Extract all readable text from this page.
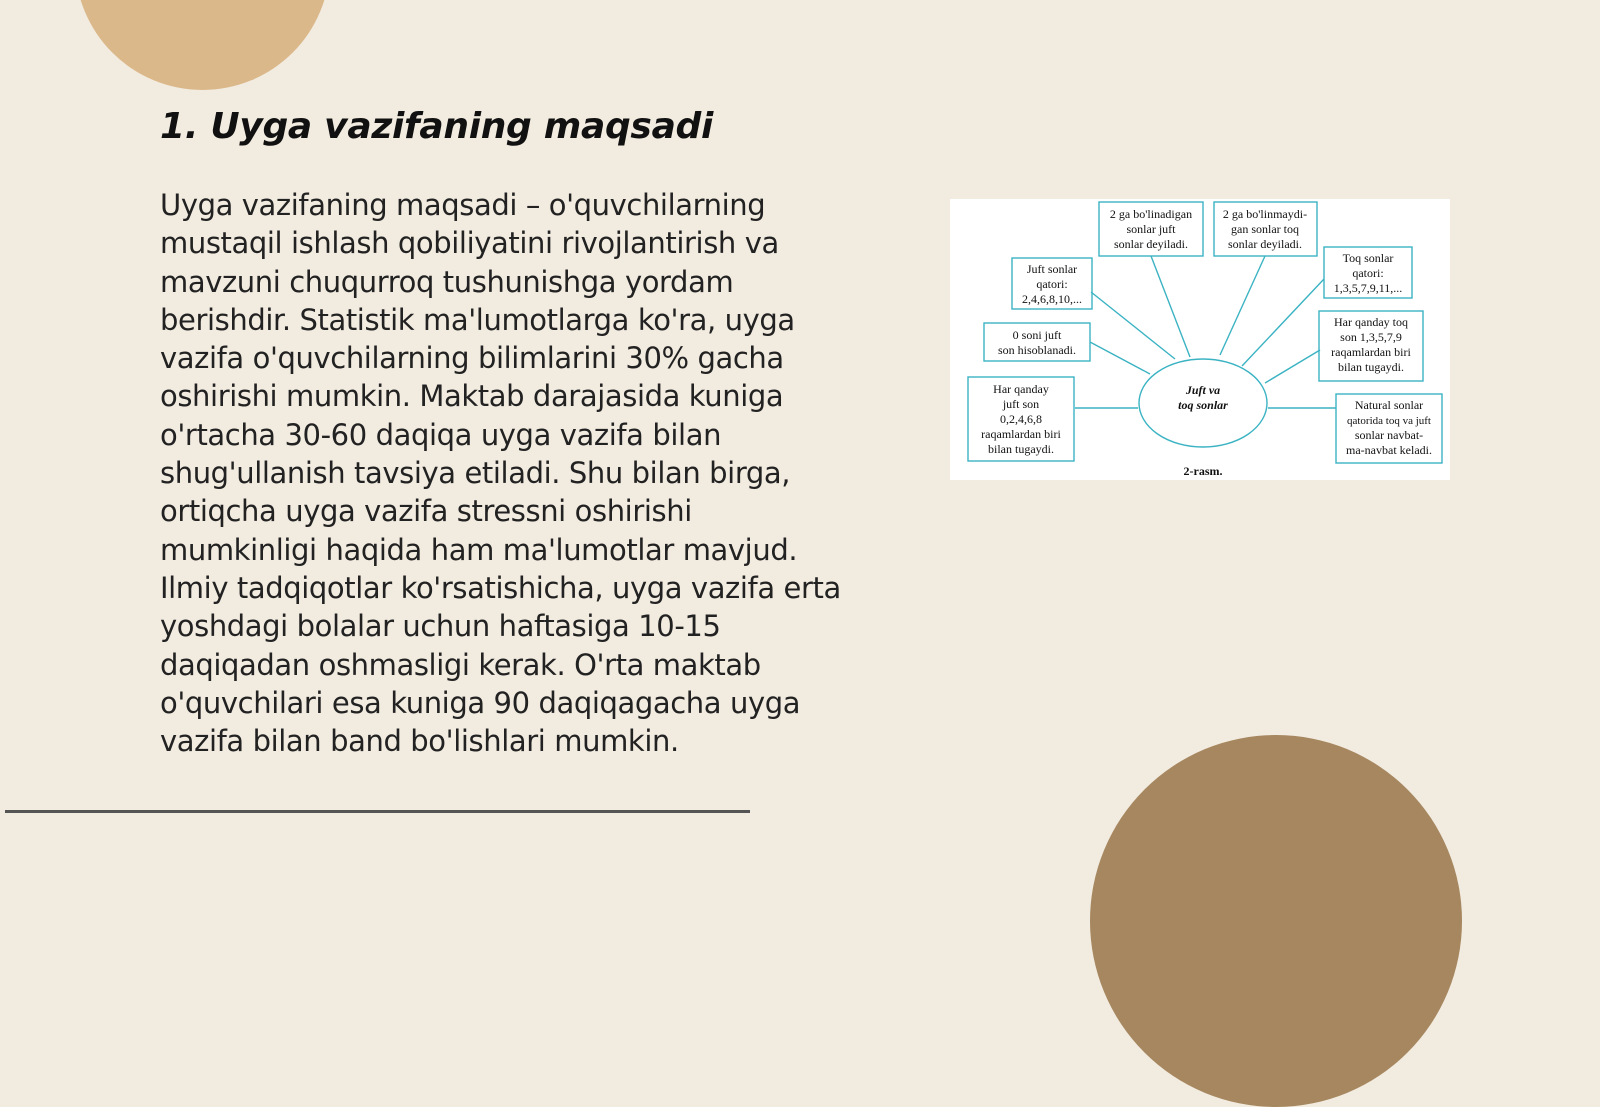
1. Uyga vazifaning maqsadi

Uyga vazifaning maqsadi – o'quvchilarning mustaqil ishlash qobiliyatini rivojlantirish va mavzuni chuqurroq tushunishga yordam berishdir. Statistik ma'lumotlarga ko'ra, uyga vazifa o'quvchilarning bilimlarini 30% gacha oshirishi mumkin. Maktab darajasida kuniga o'rtacha 30-60 daqiqa uyga vazifa bilan shug'ullanish tavsiya etiladi. Shu bilan birga, ortiqcha uyga vazifa stressni oshirishi mumkinligi haqida ham ma'lumotlar mavjud. Ilmiy tadqiqotlar ko'rsatishicha, uyga vazifa erta yoshdagi bolalar uchun haftasiga 10-15 daqiqadan oshmasligi kerak. O'rta maktab o'quvchilari esa kuniga 90 daqiqagacha uyga vazifa bilan band bo'lishlari mumkin.

Juft va
toq sonlar
2 ga bo'linadigan
sonlar juft
sonlar deyiladi.
2 ga bo'linmaydi-
gan sonlar toq
sonlar deyiladi.
Juft sonlar
qatori:
2,4,6,8,10,...
Toq sonlar
qatori:
1,3,5,7,9,11,...
0 soni juft
son hisoblanadi.
Har qanday toq
son 1,3,5,7,9
raqamlardan biri
bilan tugaydi.
Har qanday
juft son
0,2,4,6,8
raqamlardan biri
bilan tugaydi.
Natural sonlar
qatorida toq va juft
sonlar navbat-
ma-navbat keladi.
2-rasm.
